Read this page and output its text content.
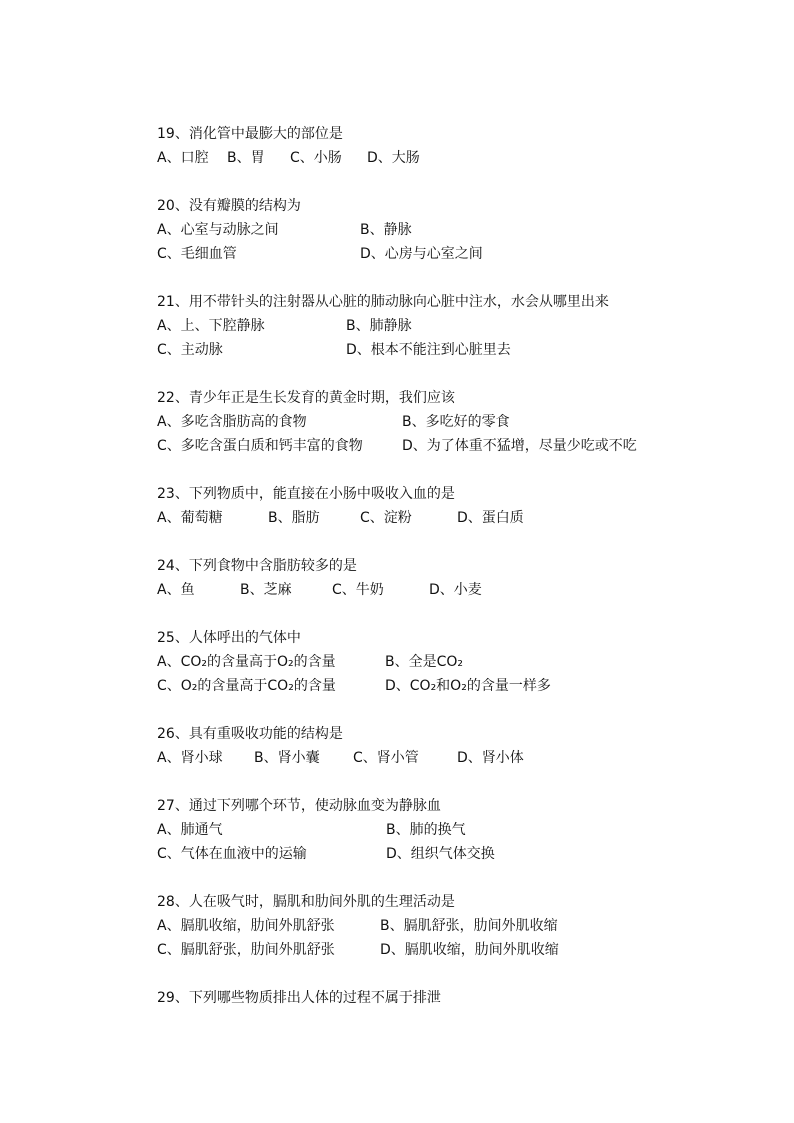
19、消化管中最膨大的部位是
A、口腔 B、胃 C、小肠 D、大肠
20、没有瓣膜的结构为
A、心室与动脉之间	B、静脉
C、毛细血管	D、心房与心室之间
21、用不带针头的注射器从心脏的肺动脉向心脏中注水，水会从哪里出来
A、上、下腔静脉	B、肺静脉
C、主动脉	D、根本不能注到心脏里去
22、青少年正是生长发育的黄金时期，我们应该
A、多吃含脂肪高的食物	B、多吃好的零食
C、多吃含蛋白质和钙丰富的食物	D、为了体重不猛增，尽量少吃或不吃
23、下列物质中，能直接在小肠中吸收入血的是
A、葡萄糖	B、脂肪	C、淀粉	D、蛋白质
24、下列食物中含脂肪较多的是
A、鱼	B、芝麻	C、牛奶	D、小麦
25、人体呼出的气体中
A、CO₂的含量高于O₂的含量	B、全是CO₂
C、O₂的含量高于CO₂的含量	D、CO₂和O₂的含量一样多
26、具有重吸收功能的结构是
A、肾小球 B、肾小囊 C、肾小管	D、肾小体
27、通过下列哪个环节，使动脉血变为静脉血
A、肺通气	B、肺的换气
C、气体在血液中的运输	D、组织气体交换
28、人在吸气时，膈肌和肋间外肌的生理活动是
A、膈肌收缩，肋间外肌舒张	B、膈肌舒张，肋间外肌收缩
C、膈肌舒张，肋间外肌舒张	D、膈肌收缩，肋间外肌收缩
29、下列哪些物质排出人体的过程不属于排泄
